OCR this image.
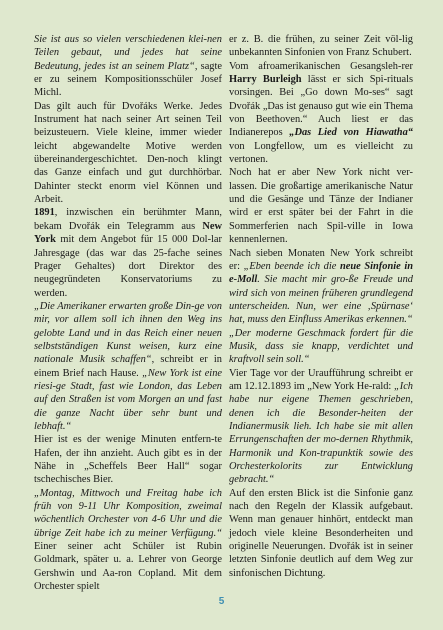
Sie ist aus so vielen verschiedenen klei-nen Teilen gebaut, und jedes hat seine Bedeutung, jedes ist an seinem Platz“, sagte er zu seinem Kompositionsschüler Josef Michl.

Das gilt auch für Dvořáks Werke. Jedes Instrument hat nach seiner Art seinen Teil beizusteuern. Viele kleine, immer wieder leicht abgewandelte Motive werden übereinandergeschichtet. Den-noch klingt das Ganze einfach und gut durchhörbar. Dahinter steckt enorm viel Können und Arbeit.

1891, inzwischen ein berühmter Mann, bekam Dvořák ein Telegramm aus New York mit dem Angebot für 15 000 Dol-lar Jahresgage (das war das 25-fache seines Prager Gehaltes) dort Direktor des neugegründeten Konservatoriums zu werden.

„Die Amerikaner erwarten große Din-ge von mir, vor allem soll ich ihnen den Weg ins gelobte Land und in das Reich einer neuen selbstständigen Kunst weisen, kurz eine nationale Musik schaffen“, schreibt er in einem Brief nach Hause. „New York ist eine riesi-ge Stadt, fast wie London, das Leben auf den Straßen ist vom Morgen an und fast die ganze Nacht über sehr bunt und lebhaft.“

Hier ist es der wenige Minuten entfern-te Hafen, der ihn anzieht. Auch gibt es in der Nähe in „Scheffels Beer Hall“ sogar tschechisches Bier.

„Montag, Mittwoch und Freitag habe ich früh von 9-11 Uhr Komposition, zweimal wöchentlich Orchester von 4-6 Uhr und die übrige Zeit habe ich zu meiner Verfügung.“ Einer seiner acht Schüler ist Rubin Goldmark, später u. a. Lehrer von George Gershwin und Aa-ron Copland. Mit dem Orchester spielt

er z. B. die frühen, zu seiner Zeit völ-lig unbekannten Sinfonien von Franz Schubert.

Vom afroamerikanischen Gesangsleh-rer Harry Burleigh lässt er sich Spi-rituals vorsingen. Bei „Go down Mo-ses“ sagt Dvořák „Das ist genauso gut wie ein Thema von Beethoven.“ Auch liest er das Indianerepos „Das Lied von Hiawatha“ von Longfellow, um es vielleicht zu vertonen.

Noch hat er aber New York nicht ver-lassen. Die großartige amerikanische Natur und die Gesänge und Tänze der Indianer wird er erst später bei der Fahrt in die Sommerferien nach Spil-ville in Iowa kennenlernen.

Nach sieben Monaten New York schreibt er: „Eben beende ich die neue Sinfonie in e-Moll. Sie macht mir gro-ße Freude und wird sich von meinen früheren grundlegend unterscheiden. Nun, wer eine ‚Spürnase‘ hat, muss den Einfluss Amerikas erkennen.“

„Der moderne Geschmack fordert für die Musik, dass sie knapp, verdichtet und kraftvoll sein soll.“

Vier Tage vor der Uraufführung schreibt er am 12.12.1893 im „New York He-rald: „Ich habe nur eigene Themen geschrieben, denen ich die Besonder-heiten der Indianermusik lieh. Ich habe sie mit allen Errungenschaften der mo-dernen Rhythmik, Harmonik und Kon-trapunktik sowie des Orchesterkolorits zur Entwicklung gebracht.“

Auf den ersten Blick ist die Sinfonie ganz nach den Regeln der Klassik aufgebaut. Wenn man genauer hinhört, entdeckt man jedoch viele kleine Besonderheiten und originelle Neuerungen. Dvořák ist in seiner letzten Sinfonie deutlich auf dem Weg zur sinfonischen Dichtung.

5
